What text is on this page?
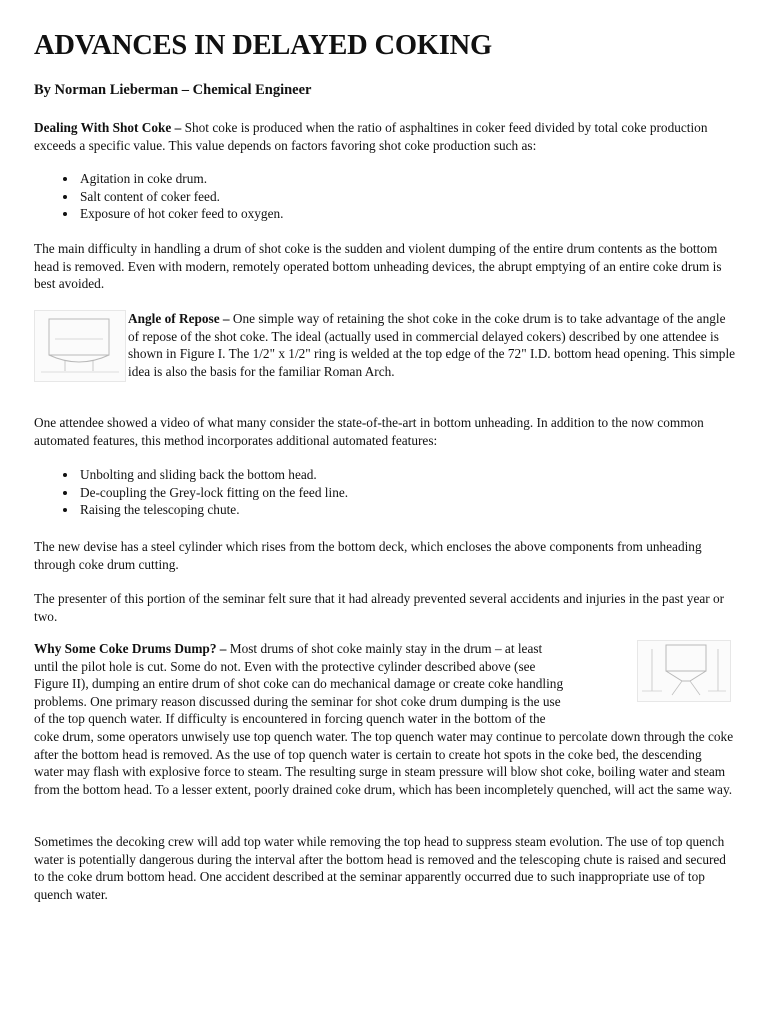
ADVANCES IN DELAYED COKING

By Norman Lieberman – Chemical Engineer

Dealing With Shot Coke – Shot coke is produced when the ratio of asphaltines in coker feed divided by total coke production exceeds a specific value. This value depends on factors favoring shot coke production such as:

• Agitation in coke drum.
• Salt content of coker feed.
• Exposure of hot coker feed to oxygen.

The main difficulty in handling a drum of shot coke is the sudden and violent dumping of the entire drum contents as the bottom head is removed. Even with modern, remotely operated bottom unheading devices, the abrupt emptying of an entire coke drum is best avoided.

Angle of Repose – One simple way of retaining the shot coke in the coke drum is to take advantage of the angle of repose of the shot coke. The ideal (actually used in commercial delayed cokers) described by one attendee is shown in Figure I. The 1/2" x 1/2" ring is welded at the top edge of the 72" I.D. bottom head opening. This simple idea is also the basis for the familiar Roman Arch.

One attendee showed a video of what many consider the state-of-the-art in bottom unheading. In addition to the now common automated features, this method incorporates additional automated features:

• Unbolting and sliding back the bottom head.
• De-coupling the Grey-lock fitting on the feed line.
• Raising the telescoping chute.

The new devise has a steel cylinder which rises from the bottom deck, which encloses the above components from unheading through coke drum cutting.

The presenter of this portion of the seminar felt sure that it had already prevented several accidents and injuries in the past year or two.

Why Some Coke Drums Dump? – Most drums of shot coke mainly stay in the drum – at least

until the pilot hole is cut. Some do not. Even with the protective cylinder described above (see

Figure II), dumping an entire drum of shot coke can do mechanical damage or create coke handling

problems. One primary reason discussed during the seminar for shot coke drum dumping is the use

of the top quench water. If difficulty is encountered in forcing quench water in the bottom of the

coke drum, some operators unwisely use top quench water. The top quench water may continue to percolate down through the coke after the bottom head is removed. As the use of top quench water is certain to create hot spots in the coke bed, the descending water may flash with explosive force to steam. The resulting surge in steam pressure will blow shot coke, boiling water and steam from the bottom head. To a lesser extent, poorly drained coke drum, which has been incompletely quenched, will act the same way.

Sometimes the decoking crew will add top water while removing the top head to suppress steam evolution. The use of top quench water is potentially dangerous during the interval after the bottom head is removed and the telescoping chute is raised and secured to the coke drum bottom head. One accident described at the seminar apparently occurred due to such inappropriate use of top quench water.
